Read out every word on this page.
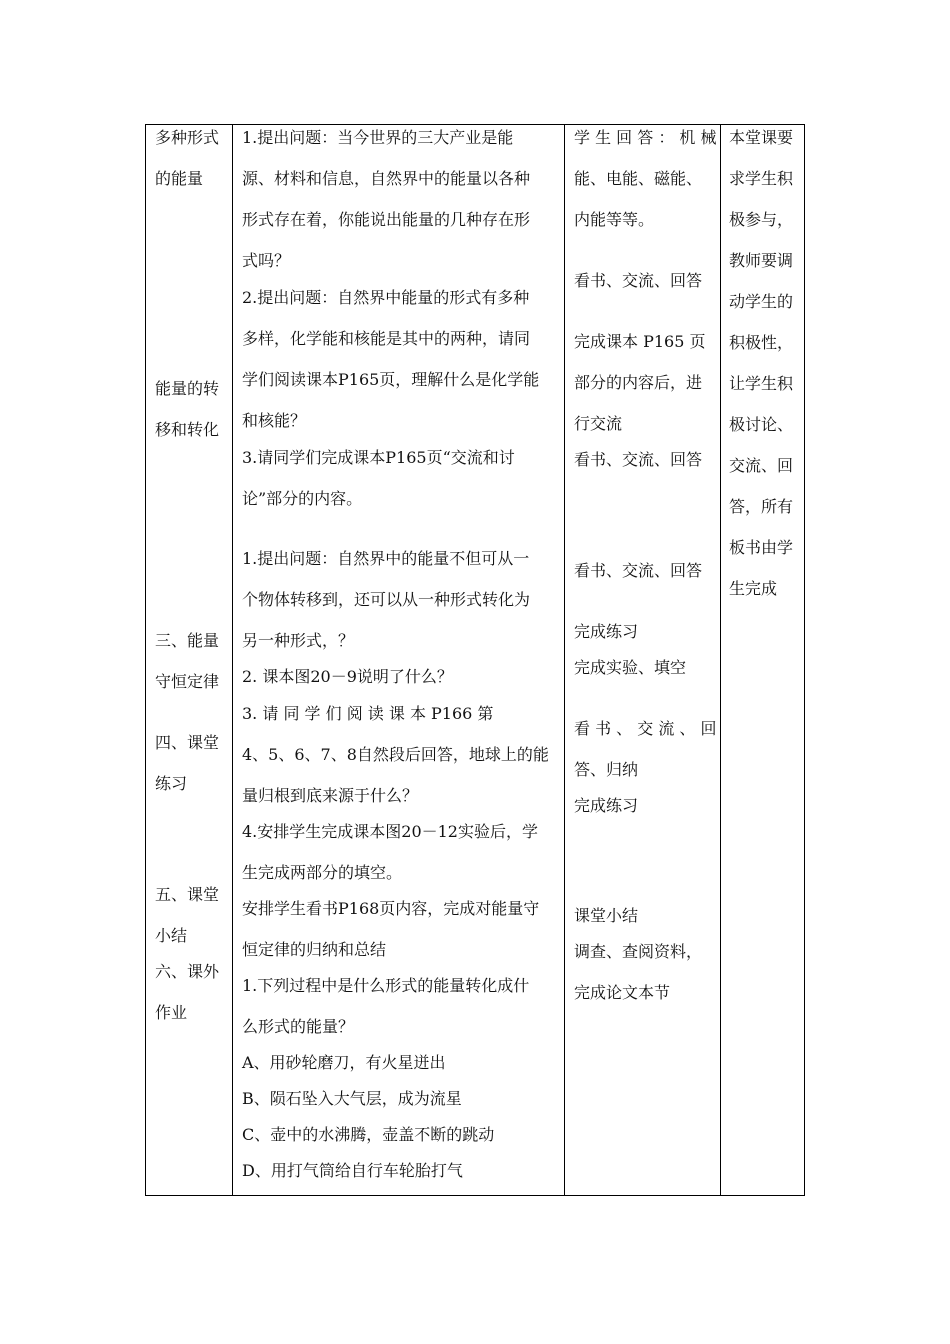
多种形式
的能量
能量的转
移和转化
三、能量
守恒定律
四、课堂
练习
五、课堂
小结
六、课外
作业
1.提出问题：当今世界的三大产业是能
源、材料和信息，自然界中的能量以各种
形式存在着，你能说出能量的几种存在形
式吗？
2.提出问题：自然界中能量的形式有多种
多样，化学能和核能是其中的两种，请同
学们阅读课本P165页，理解什么是化学能
和核能？
3.请同学们完成课本P165页“交流和讨
论”部分的内容。
1.提出问题：自然界中的能量不但可从一
个物体转移到，还可以从一种形式转化为
另一种形式，？
2. 课本图20－9说明了什么？
3. 请 同 学 们 阅 读 课 本 P166 第
4、5、6、7、8自然段后回答，地球上的能
量归根到底来源于什么？
4.安排学生完成课本图20－12实验后，学
生完成两部分的填空。
安排学生看书P168页内容，完成对能量守
恒定律的归纳和总结
1.下列过程中是什么形式的能量转化成什
么形式的能量？
A、用砂轮磨刀，有火星迸出
B、陨石坠入大气层，成为流星
C、壶中的水沸腾，壶盖不断的跳动
D、用打气筒给自行车轮胎打气
学 生 回 答 ： 机 械
能、电能、磁能、
内能等等。
看书、交流、回答
完成课本 P165 页
部分的内容后，进
行交流
看书、交流、回答
看书、交流、回答
完成练习
完成实验、填空
看 书 、 交 流 、 回
答、归纳
完成练习
课堂小结
调查、查阅资料，
完成论文本节
本堂课要
求学生积
极参与，
教师要调
动学生的
积极性，
让学生积
极讨论、
交流、回
答，所有
板书由学
生完成
